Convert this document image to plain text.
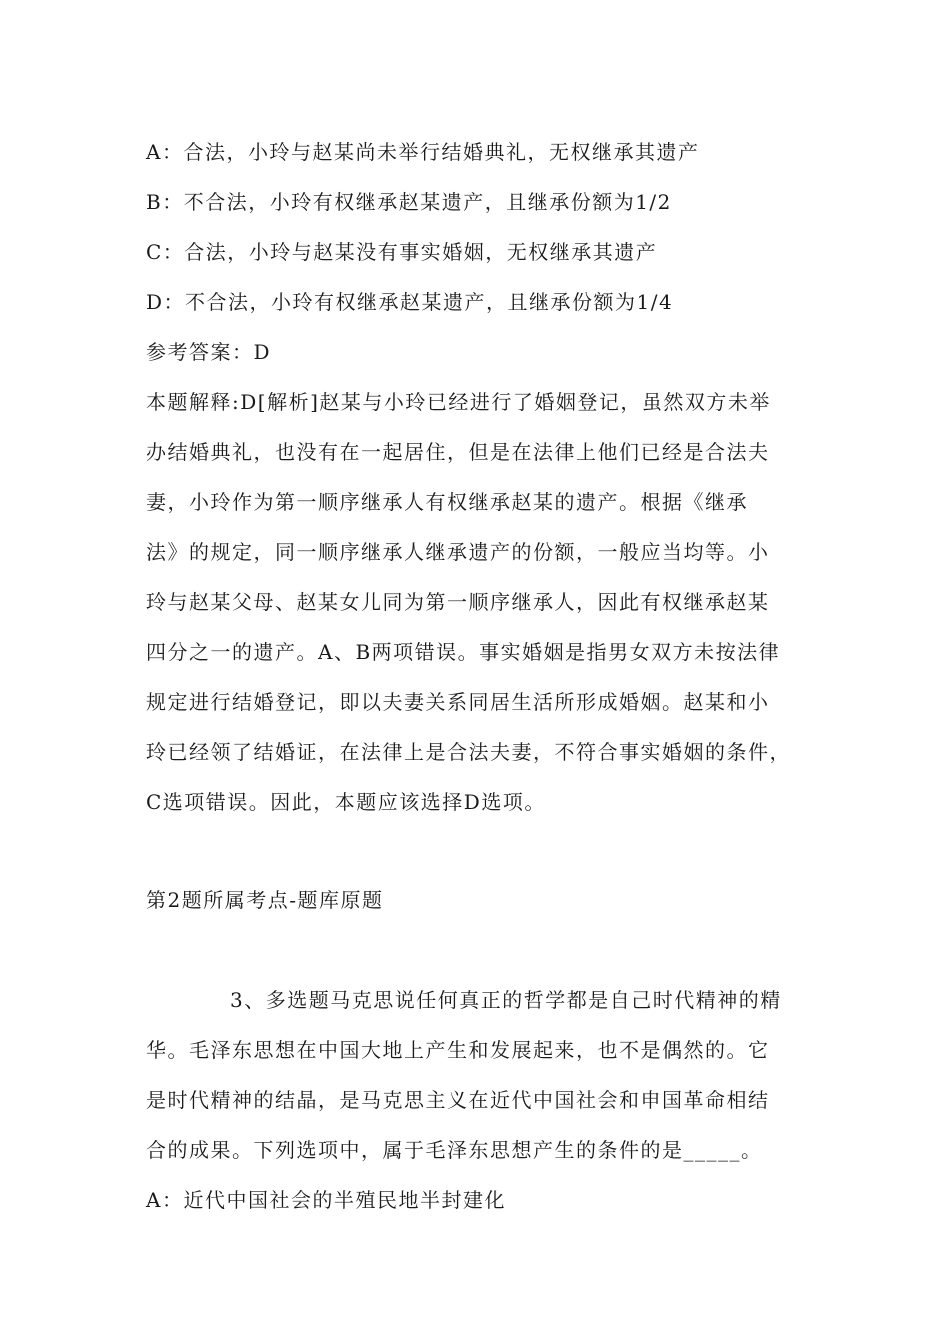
A：合法，小玲与赵某尚未举行结婚典礼，无权继承其遗产
B：不合法，小玲有权继承赵某遗产，且继承份额为1/2
C：合法，小玲与赵某没有事实婚姻，无权继承其遗产
D：不合法，小玲有权继承赵某遗产，且继承份额为1/4
参考答案：D
本题解释:D[解析]赵某与小玲已经进行了婚姻登记，虽然双方未举
办结婚典礼，也没有在一起居住，但是在法律上他们已经是合法夫
妻，小玲作为第一顺序继承人有权继承赵某的遗产。根据《继承
法》的规定，同一顺序继承人继承遗产的份额，一般应当均等。小
玲与赵某父母、赵某女儿同为第一顺序继承人，因此有权继承赵某
四分之一的遗产。A、B两项错误。事实婚姻是指男女双方未按法律
规定进行结婚登记，即以夫妻关系同居生活所形成婚姻。赵某和小
玲已经领了结婚证，在法律上是合法夫妻，不符合事实婚姻的条件，
C选项错误。因此，本题应该选择D选项。
第2题所属考点-题库原题
3、多选题马克思说任何真正的哲学都是自己时代精神的精
华。毛泽东思想在中国大地上产生和发展起来，也不是偶然的。它
是时代精神的结晶，是马克思主义在近代中国社会和申国革命相结
合的成果。下列选项中，属于毛泽东思想产生的条件的是_____。
A：近代中国社会的半殖民地半封建化
